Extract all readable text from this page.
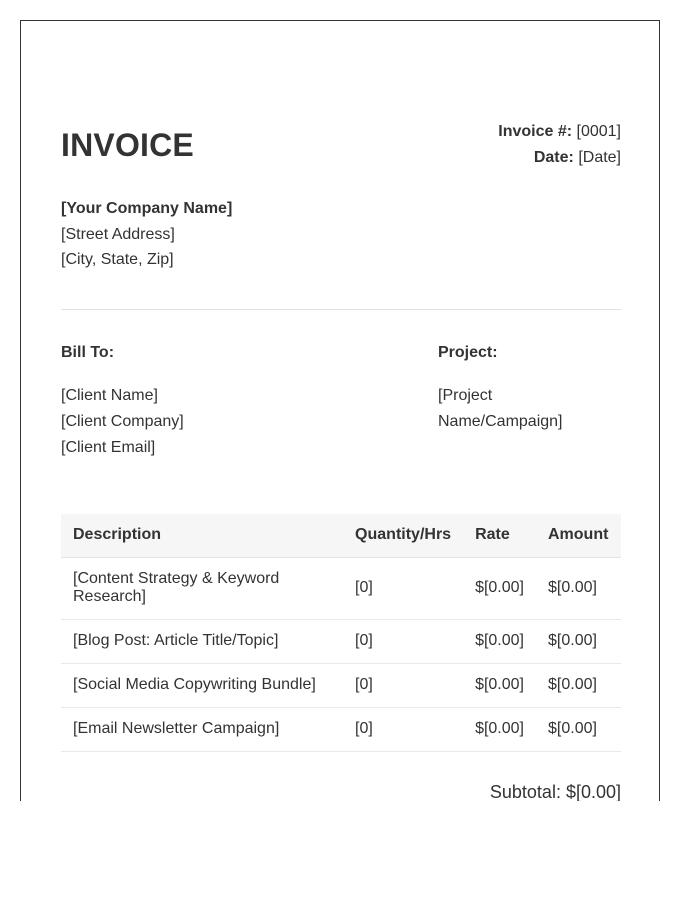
INVOICE	Invoice #: [0001]
Date: [Date]
[Your Company Name]
[Street Address]
[City, State, Zip]
Bill To:
[Client Name]
[Client Company]
[Client Email]
Project:
[Project Name/Campaign]
Description	Quantity/Hrs	Rate	Amount
[Content Strategy & Keyword Research]	[0]	$[0.00]	$[0.00]
[Blog Post: Article Title/Topic]	[0]	$[0.00]	$[0.00]
[Social Media Copywriting Bundle]	[0]	$[0.00]	$[0.00]
[Email Newsletter Campaign]	[0]	$[0.00]	$[0.00]
Subtotal: $[0.00]
